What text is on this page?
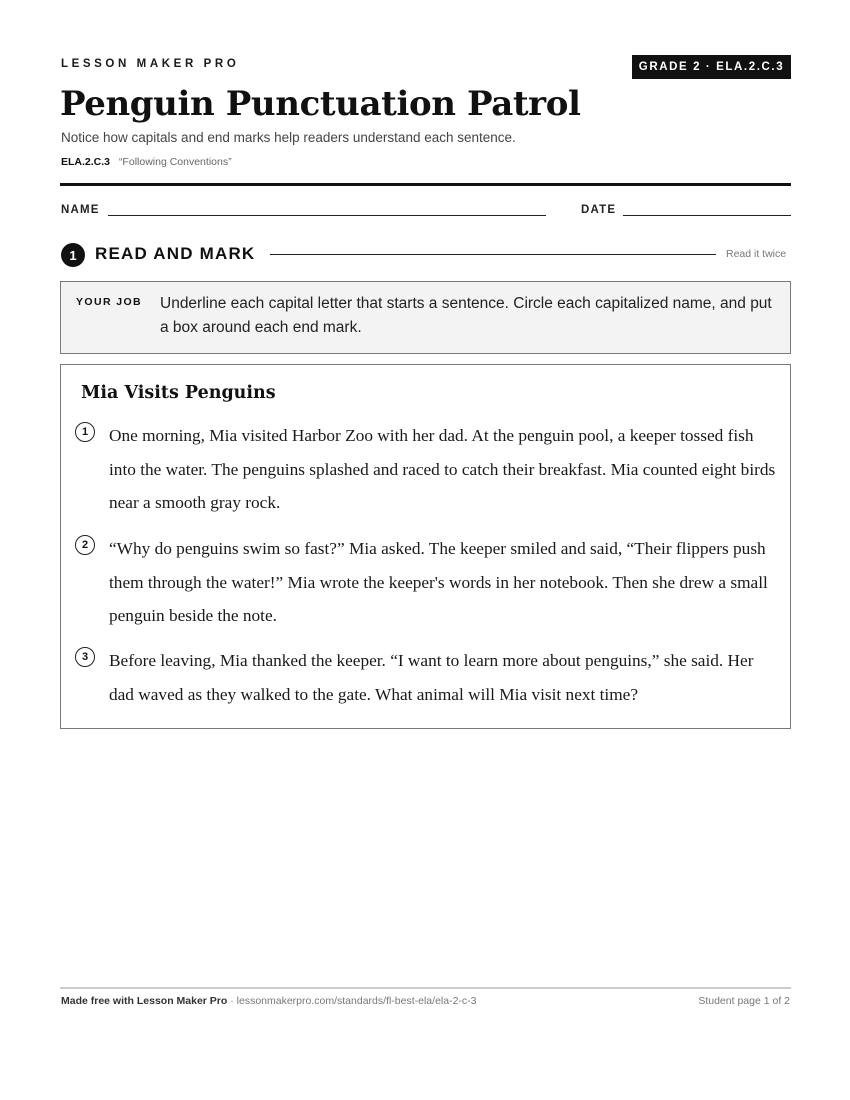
LESSON MAKER PRO	GRADE 2 · ELA.2.C.3
Penguin Punctuation Patrol

Notice how capitals and end marks help readers understand each sentence.

ELA.2.C.3 “Following Conventions”
NAME	DATE
1	READ AND MARK	Read it twice
YOUR JOB Underline each capital letter that starts a sentence. Circle each capitalized name, and put a box around each end mark.
Mia Visits Penguins
1	One morning, Mia visited Harbor Zoo with her dad. At the penguin pool, a keeper tossed fish into the water. The penguins splashed and raced to catch their breakfast. Mia counted eight birds near a smooth gray rock.
2	“Why do penguins swim so fast?” Mia asked. The keeper smiled and said, “Their flippers push them through the water!” Mia wrote the keeper's words in her notebook. Then she drew a small penguin beside the note.
3	Before leaving, Mia thanked the keeper. “I want to learn more about penguins,” she said. Her dad waved as they walked to the gate. What animal will Mia visit next time?
Made free with Lesson Maker Pro · lessonmakerpro.com/standards/fl-best-ela/ela-2-c-3	Student page 1 of 2
